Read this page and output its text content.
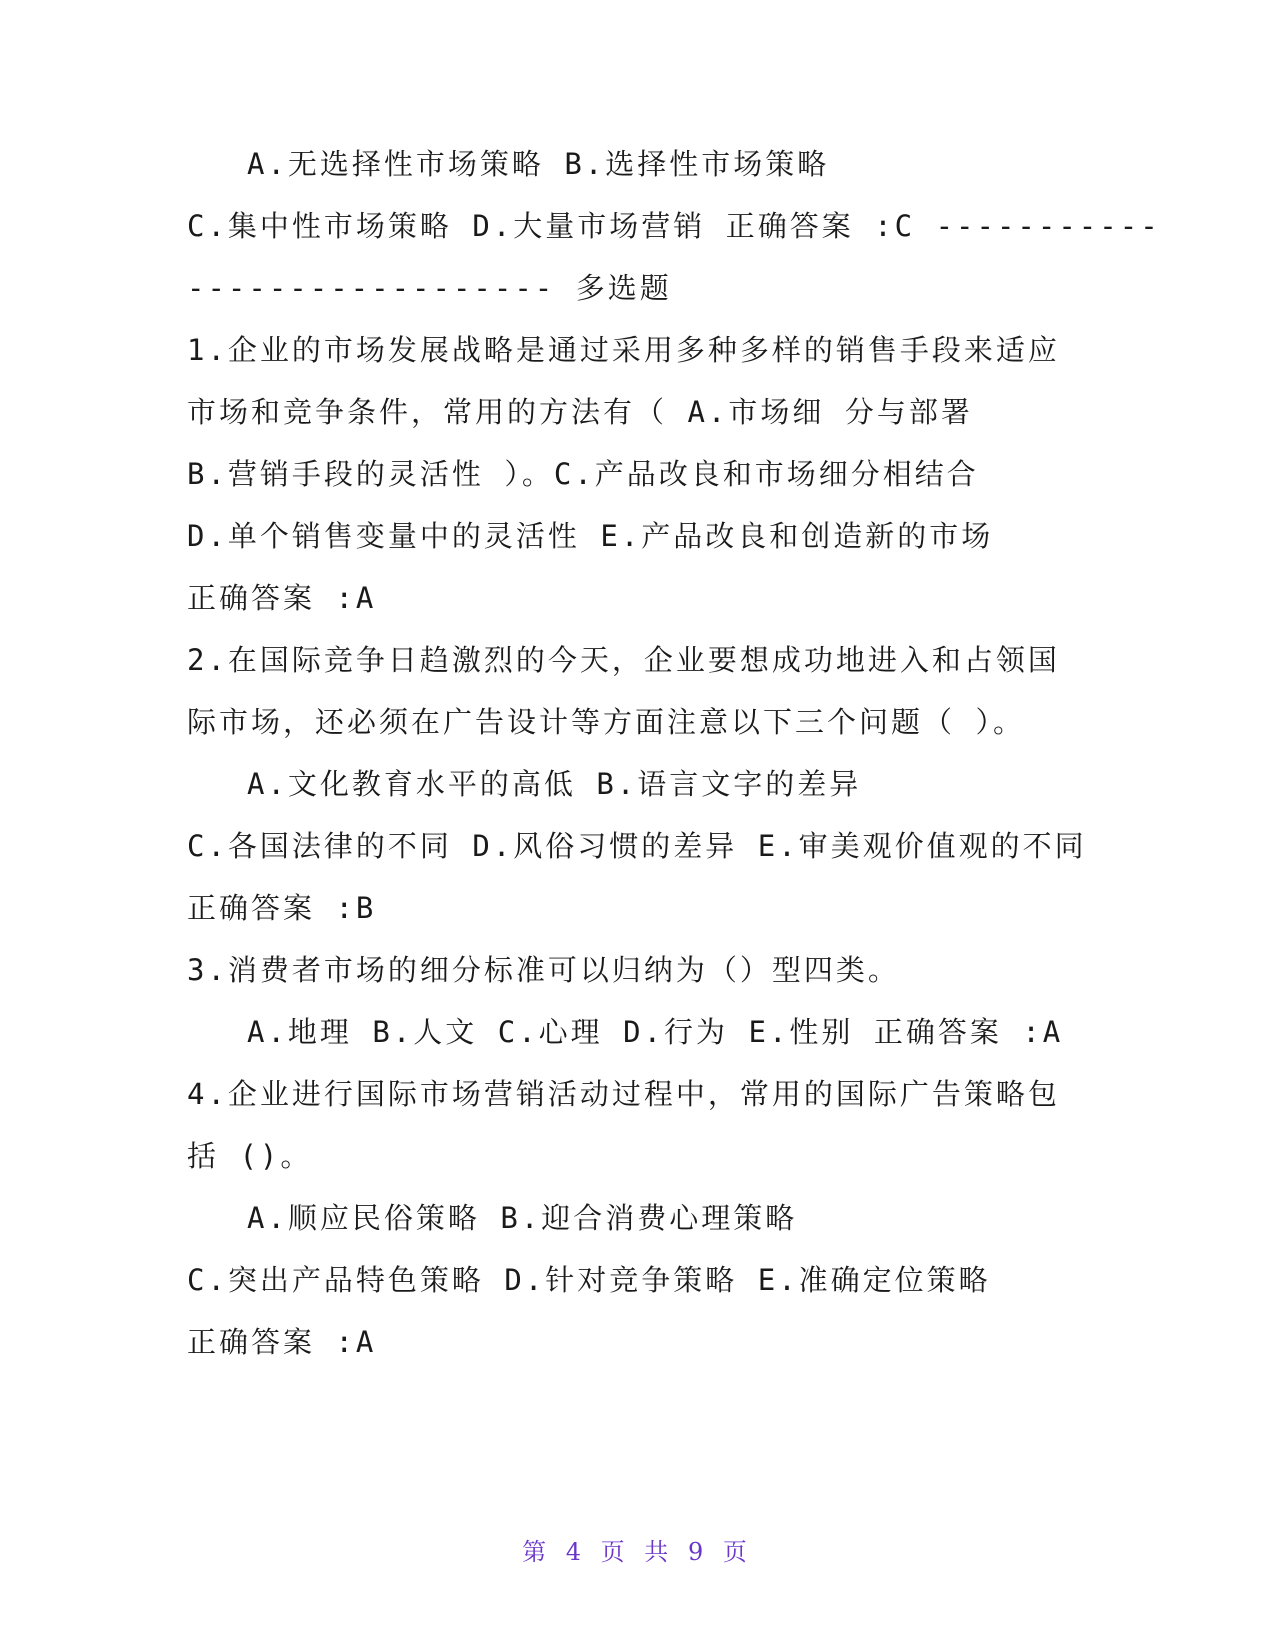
A.无选择性市场策略 B.选择性市场策略
C.集中性市场策略 D.大量市场营销 正确答案 :C -----------
------------------ 多选题
1.企业的市场发展战略是通过采用多种多样的销售手段来适应
市场和竞争条件，常用的方法有（ A.市场细 分与部署
B.营销手段的灵活性 ）。C.产品改良和市场细分相结合
D.单个销售变量中的灵活性 E.产品改良和创造新的市场
正确答案 :A
2.在国际竞争日趋激烈的今天，企业要想成功地进入和占领国
际市场，还必须在广告设计等方面注意以下三个问题（ ）。
A.文化教育水平的高低 B.语言文字的差异
C.各国法律的不同 D.风俗习惯的差异 E.审美观价值观的不同
正确答案 :B
3.消费者市场的细分标准可以归纳为（）型四类。
A.地理 B.人文 C.心理 D.行为 E.性别 正确答案 :A
4.企业进行国际市场营销活动过程中，常用的国际广告策略包
括 ()。
A.顺应民俗策略 B.迎合消费心理策略
C.突出产品特色策略 D.针对竞争策略 E.准确定位策略
正确答案 :A
第 4 页 共 9 页
